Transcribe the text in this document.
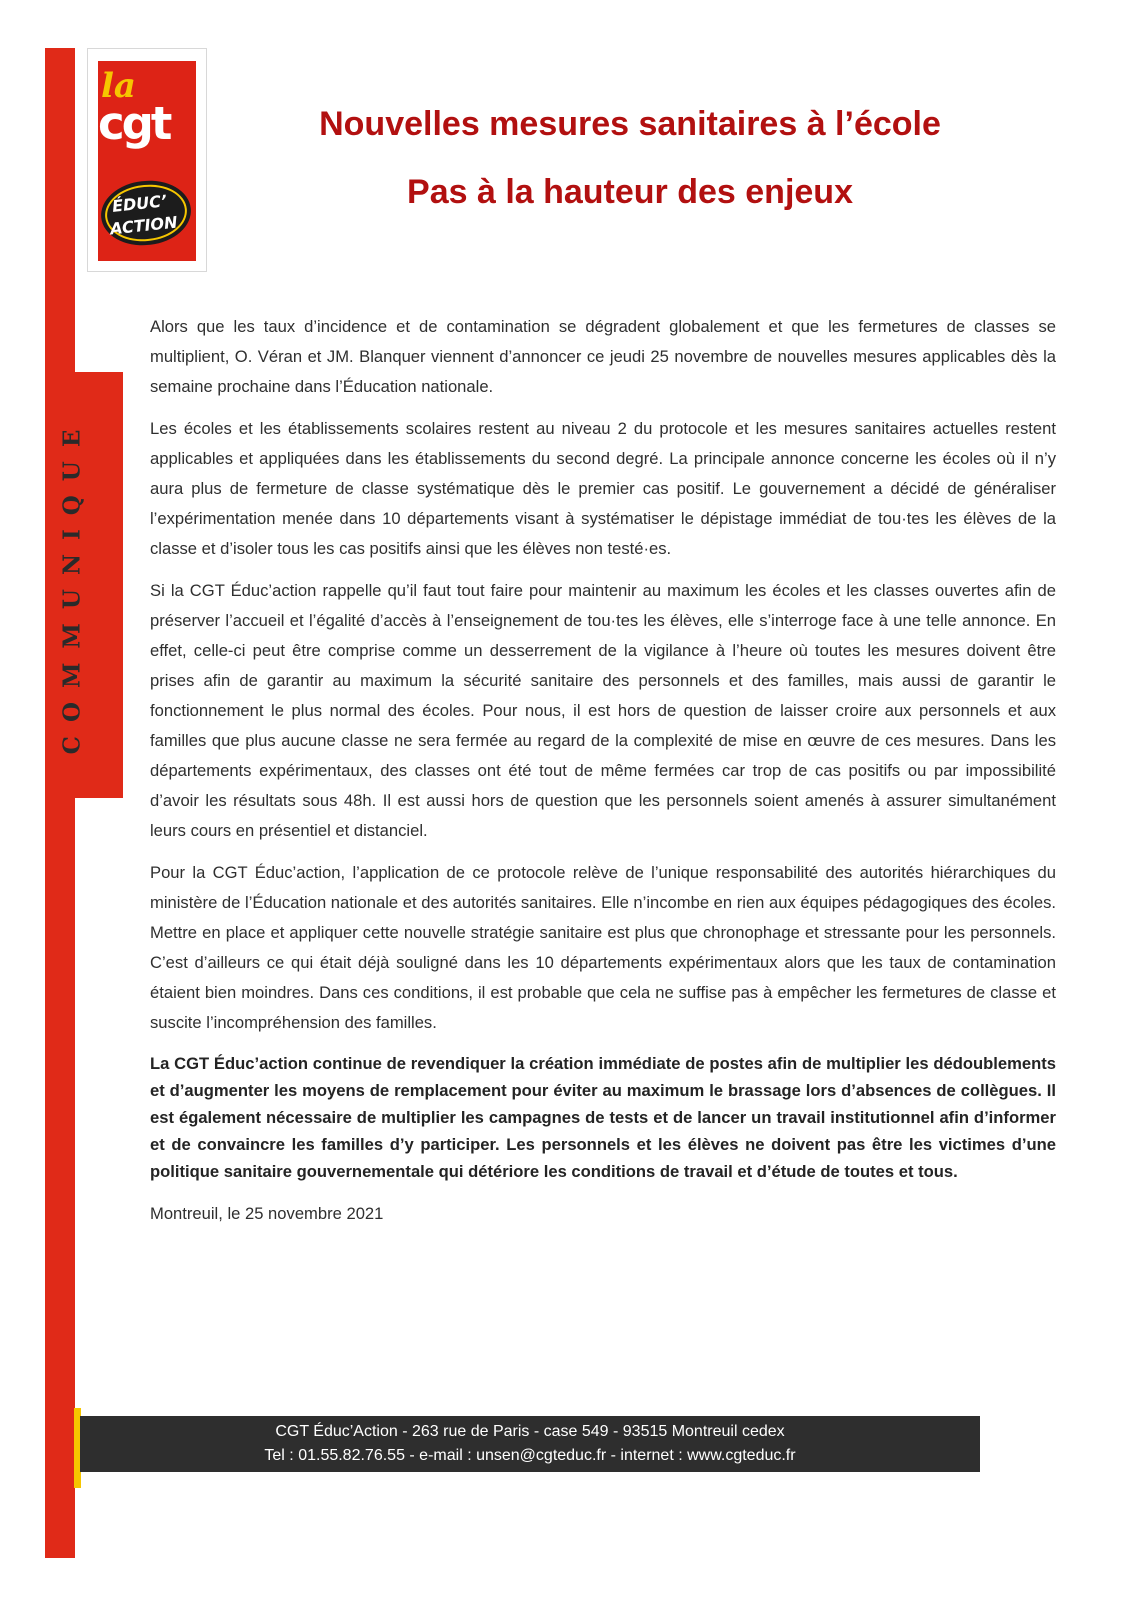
COMMUNIQUE
la
cgt
ÉDUC’
ACTION
Nouvelles mesures sanitaires à l’école
Pas à la hauteur des enjeux

Alors que les taux d’incidence et de contamination se dégradent globalement et que les fermetures de classes se multiplient, O. Véran et JM. Blanquer viennent d’annoncer ce jeudi 25 novembre de nouvelles mesures applicables dès la semaine prochaine dans l’Éducation nationale.

Les écoles et les établissements scolaires restent au niveau 2 du protocole et les mesures sanitaires actuelles restent applicables et appliquées dans les établissements du second degré. La principale annonce concerne les écoles où il n’y aura plus de fermeture de classe systématique dès le premier cas positif. Le gouvernement a décidé de généraliser l’expérimentation menée dans 10 départements visant à systématiser le dépistage immédiat de tou·tes les élèves de la classe et d’isoler tous les cas positifs ainsi que les élèves non testé·es.

Si la CGT Éduc’action rappelle qu’il faut tout faire pour maintenir au maximum les écoles et les classes ouvertes afin de préserver l’accueil et l’égalité d’accès à l’enseignement de tou·tes les élèves, elle s’interroge face à une telle annonce. En effet, celle-ci peut être comprise comme un desserrement de la vigilance à l’heure où toutes les mesures doivent être prises afin de garantir au maximum la sécurité sanitaire des personnels et des familles, mais aussi de garantir le fonctionnement le plus normal des écoles. Pour nous, il est hors de question de laisser croire aux personnels et aux familles que plus aucune classe ne sera fermée au regard de la complexité de mise en œuvre de ces mesures. Dans les départements expérimentaux, des classes ont été tout de même fermées car trop de cas positifs ou par impossibilité d’avoir les résultats sous 48h. Il est aussi hors de question que les personnels soient amenés à assurer simultanément leurs cours en présentiel et distanciel.

Pour la CGT Éduc’action, l’application de ce protocole relève de l’unique responsabilité des autorités hiérarchiques du ministère de l’Éducation nationale et des autorités sanitaires. Elle n’incombe en rien aux équipes pédagogiques des écoles. Mettre en place et appliquer cette nouvelle stratégie sanitaire est plus que chronophage et stressante pour les personnels. C’est d’ailleurs ce qui était déjà souligné dans les 10 départements expérimentaux alors que les taux de contamination étaient bien moindres. Dans ces conditions, il est probable que cela ne suffise pas à empêcher les fermetures de classe et suscite l’incompréhension des familles.

La CGT Éduc’action continue de revendiquer la création immédiate de postes afin de multiplier les dédoublements et d’augmenter les moyens de remplacement pour éviter au maximum le brassage lors d’absences de collègues. Il est également nécessaire de multiplier les campagnes de tests et de lancer un travail institutionnel afin d’informer et de convaincre les familles d’y participer. Les personnels et les élèves ne doivent pas être les victimes d’une politique sanitaire gouvernementale qui détériore les conditions de travail et d’étude de toutes et tous.

Montreuil, le 25 novembre 2021

CGT Éduc’Action - 263 rue de Paris - case 549 - 93515 Montreuil cedex
Tel : 01.55.82.76.55 - e-mail : unsen@cgteduc.fr - internet : www.cgteduc.fr
